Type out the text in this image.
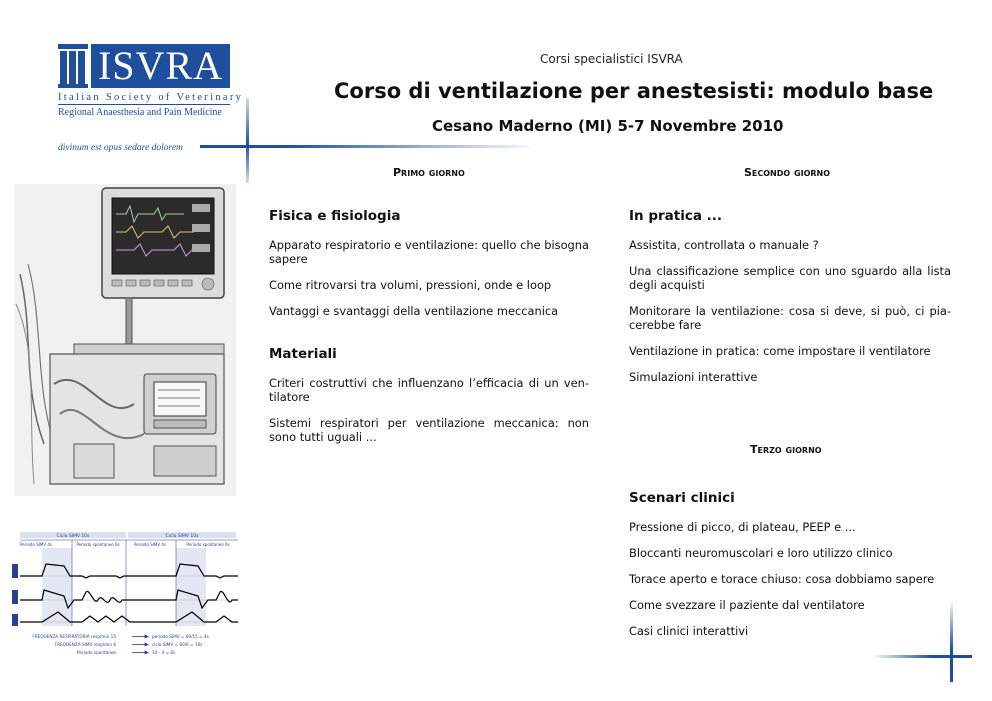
ISVRA
Italian Society of Veterinary
Regional Anaesthesia and Pain Medicine
divinum est opus sedare dolorem
Corsi specialistici ISVRA
Corso di ventilazione per anestesisti: modulo base
Cesano Maderno (MI) 5-7 Novembre 2010
Primo giorno	Secondo giorno
Terzo giorno
Fisica e fisiologia
Apparato respiratorio e ventilazione: quello che bisogna sapere
Come ritrovarsi tra volumi, pressioni, onde e loop
Vantaggi e svantaggi della ventilazione meccanica
Materiali
Criteri costruttivi che influenzano l’efficacia di un ven-tilatore
Sistemi respiratori per ventilazione meccanica: non sono tutti uguali ...
In pratica ...
Assistita, controllata o manuale ?
Una classificazione semplice con uno sguardo alla lista degli acquisti
Monitorare la ventilazione: cosa si deve, si può, ci pia-cerebbe fare
Ventilazione in pratica: come impostare il ventilatore
Simulazioni interattive
Scenari clinici
Pressione di picco, di plateau, PEEP e ...
Bloccanti neuromuscolari e loro utilizzo clinico
Torace aperto e torace chiuso: cosa dobbiamo sapere
Come svezzare il paziente dal ventilatore
Casi clinici interattivi
Ciclo SIMV 10s	Ciclo SIMV 10s
Periodo SIMV 4s	Periodo spontaneo 6s	Periodo SIMV 4s	Periodo spontaneo 6s
FREQUENZA RESPIRATORIA resp/min 15	periodo SIMV = 60/15 = 4s
FREQUENZA SIMV resp/min 6	ciclo SIMV = 60/6 = 10s
Periodo spontaneo	10 - 4 = 6s
